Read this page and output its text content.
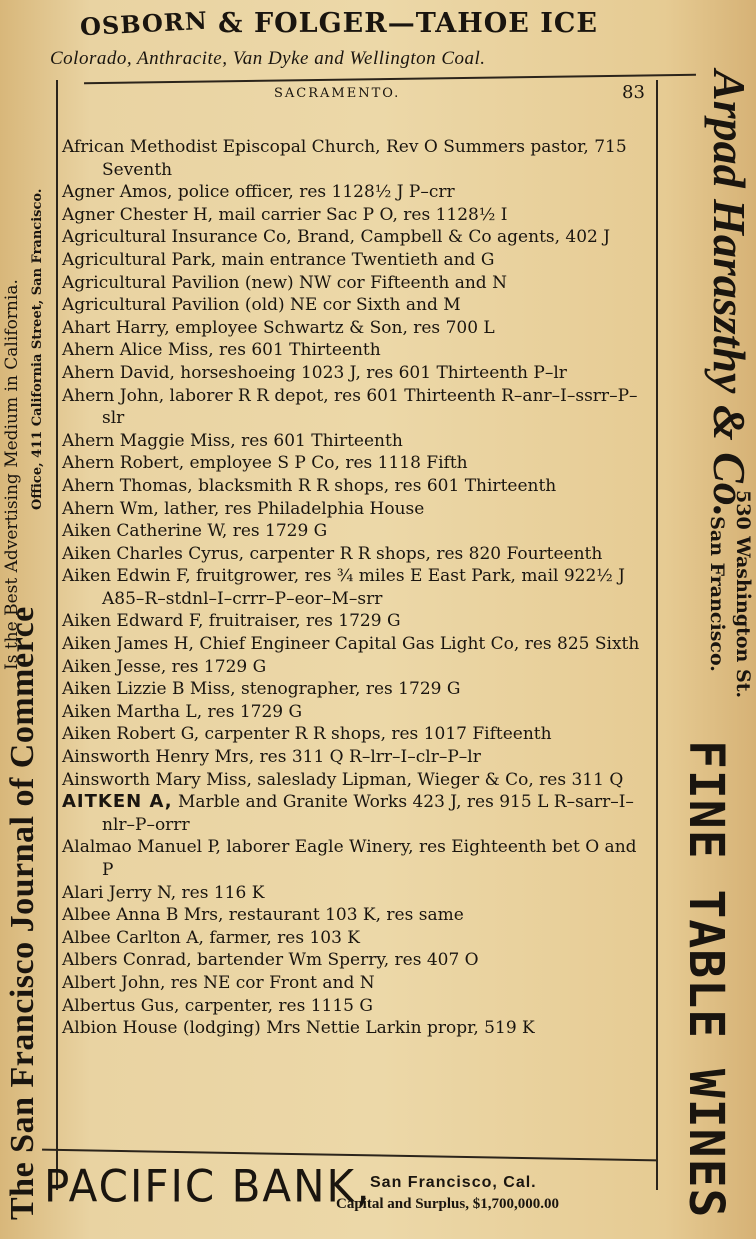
OSBORN & FOLGER—TAHOE ICE
Colorado, Anthracite, Van Dyke and Wellington Coal.
The San Francisco Journal of Commerce
Is the Best Advertising Medium in California. Office, 411 California Street, San Francisco.
SACRAMENTO.	83
African Methodist Episcopal Church, Rev O Summers pastor, 715 Seventh
Agner Amos, police officer, res 1128½ J P–crr
Agner Chester H, mail carrier Sac P O, res 1128½ I
Agricultural Insurance Co, Brand, Campbell & Co agents, 402 J
Agricultural Park, main entrance Twentieth and G
Agricultural Pavilion (new) NW cor Fifteenth and N
Agricultural Pavilion (old) NE cor Sixth and M
Ahart Harry, employee Schwartz & Son, res 700 L
Ahern Alice Miss, res 601 Thirteenth
Ahern David, horseshoeing 1023 J, res 601 Thirteenth P–lr
Ahern John, laborer R R depot, res 601 Thirteenth R–anr–I–ssrr–P–slr
Ahern Maggie Miss, res 601 Thirteenth
Ahern Robert, employee S P Co, res 1118 Fifth
Ahern Thomas, blacksmith R R shops, res 601 Thirteenth
Ahern Wm, lather, res Philadelphia House
Aiken Catherine W, res 1729 G
Aiken Charles Cyrus, carpenter R R shops, res 820 Fourteenth
Aiken Edwin F, fruitgrower, res ¾ miles E East Park, mail 922½ J A85–R–stdnl–I–crrr–P–eor–M–srr
Aiken Edward F, fruitraiser, res 1729 G
Aiken James H, Chief Engineer Capital Gas Light Co, res 825 Sixth
Aiken Jesse, res 1729 G
Aiken Lizzie B Miss, stenographer, res 1729 G
Aiken Martha L, res 1729 G
Aiken Robert G, carpenter R R shops, res 1017 Fifteenth
Ainsworth Henry Mrs, res 311 Q R–lrr–I–clr–P–lr
Ainsworth Mary Miss, saleslady Lipman, Wieger & Co, res 311 Q
AITKEN A, Marble and Granite Works 423 J, res 915 L R–sarr–I–nlr–P–orrr
Alalmao Manuel P, laborer Eagle Winery, res Eighteenth bet O and P
Alari Jerry N, res 116 K
Albee Anna B Mrs, restaurant 103 K, res same
Albee Carlton A, farmer, res 103 K
Albers Conrad, bartender Wm Sperry, res 407 O
Albert John, res NE cor Front and N
Albertus Gus, carpenter, res 1115 G
Albion House (lodging) Mrs Nettie Larkin propr, 519 K
Arpad Haraszthy & Co.
530 Washington St.
San Francisco.
FINE TABLE WINES
PACIFIC BANK,
San Francisco, Cal.
Capital and Surplus, $1,700,000.00
